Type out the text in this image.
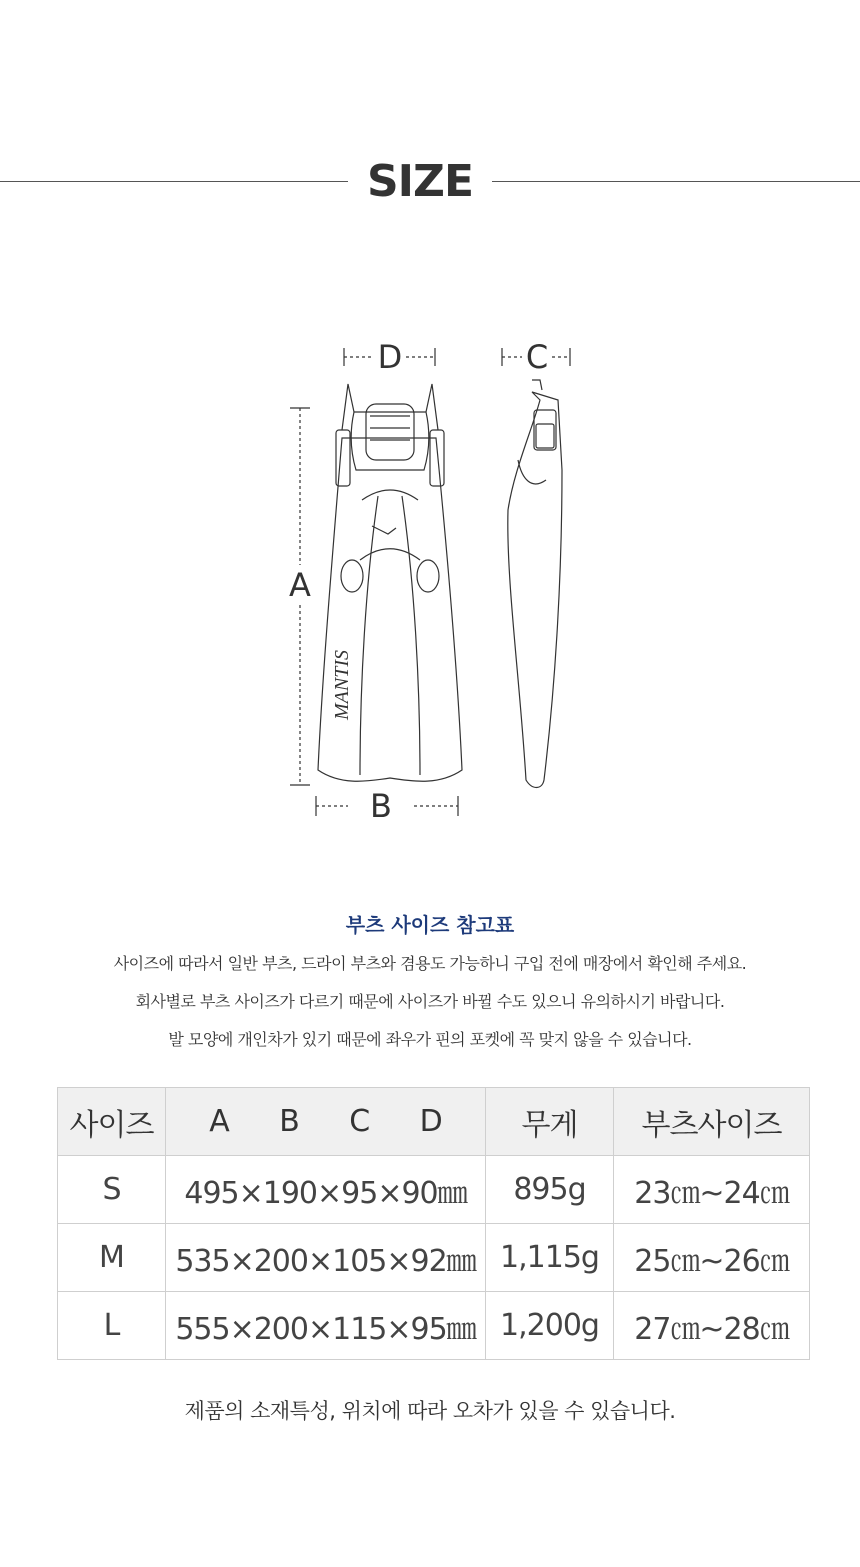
SIZE
D	C
A
B
MANTIS
부츠 사이즈 참고표
사이즈에 따라서 일반 부츠, 드라이 부츠와 겸용도 가능하니 구입 전에 매장에서 확인해 주세요.
회사별로 부츠 사이즈가 다르기 때문에 사이즈가 바뀔 수도 있으니 유의하시기 바랍니다.
발 모양에 개인차가 있기 때문에 좌우가 핀의 포켓에 꼭 맞지 않을 수 있습니다.
사이즈	A B C D	무게	부츠사이즈
S	495×190×95×90㎜	895g	23㎝~24㎝
M	535×200×105×92㎜	1,115g	25㎝~26㎝
L	555×200×115×95㎜	1,200g	27㎝~28㎝
제품의 소재특성, 위치에 따라 오차가 있을 수 있습니다.
